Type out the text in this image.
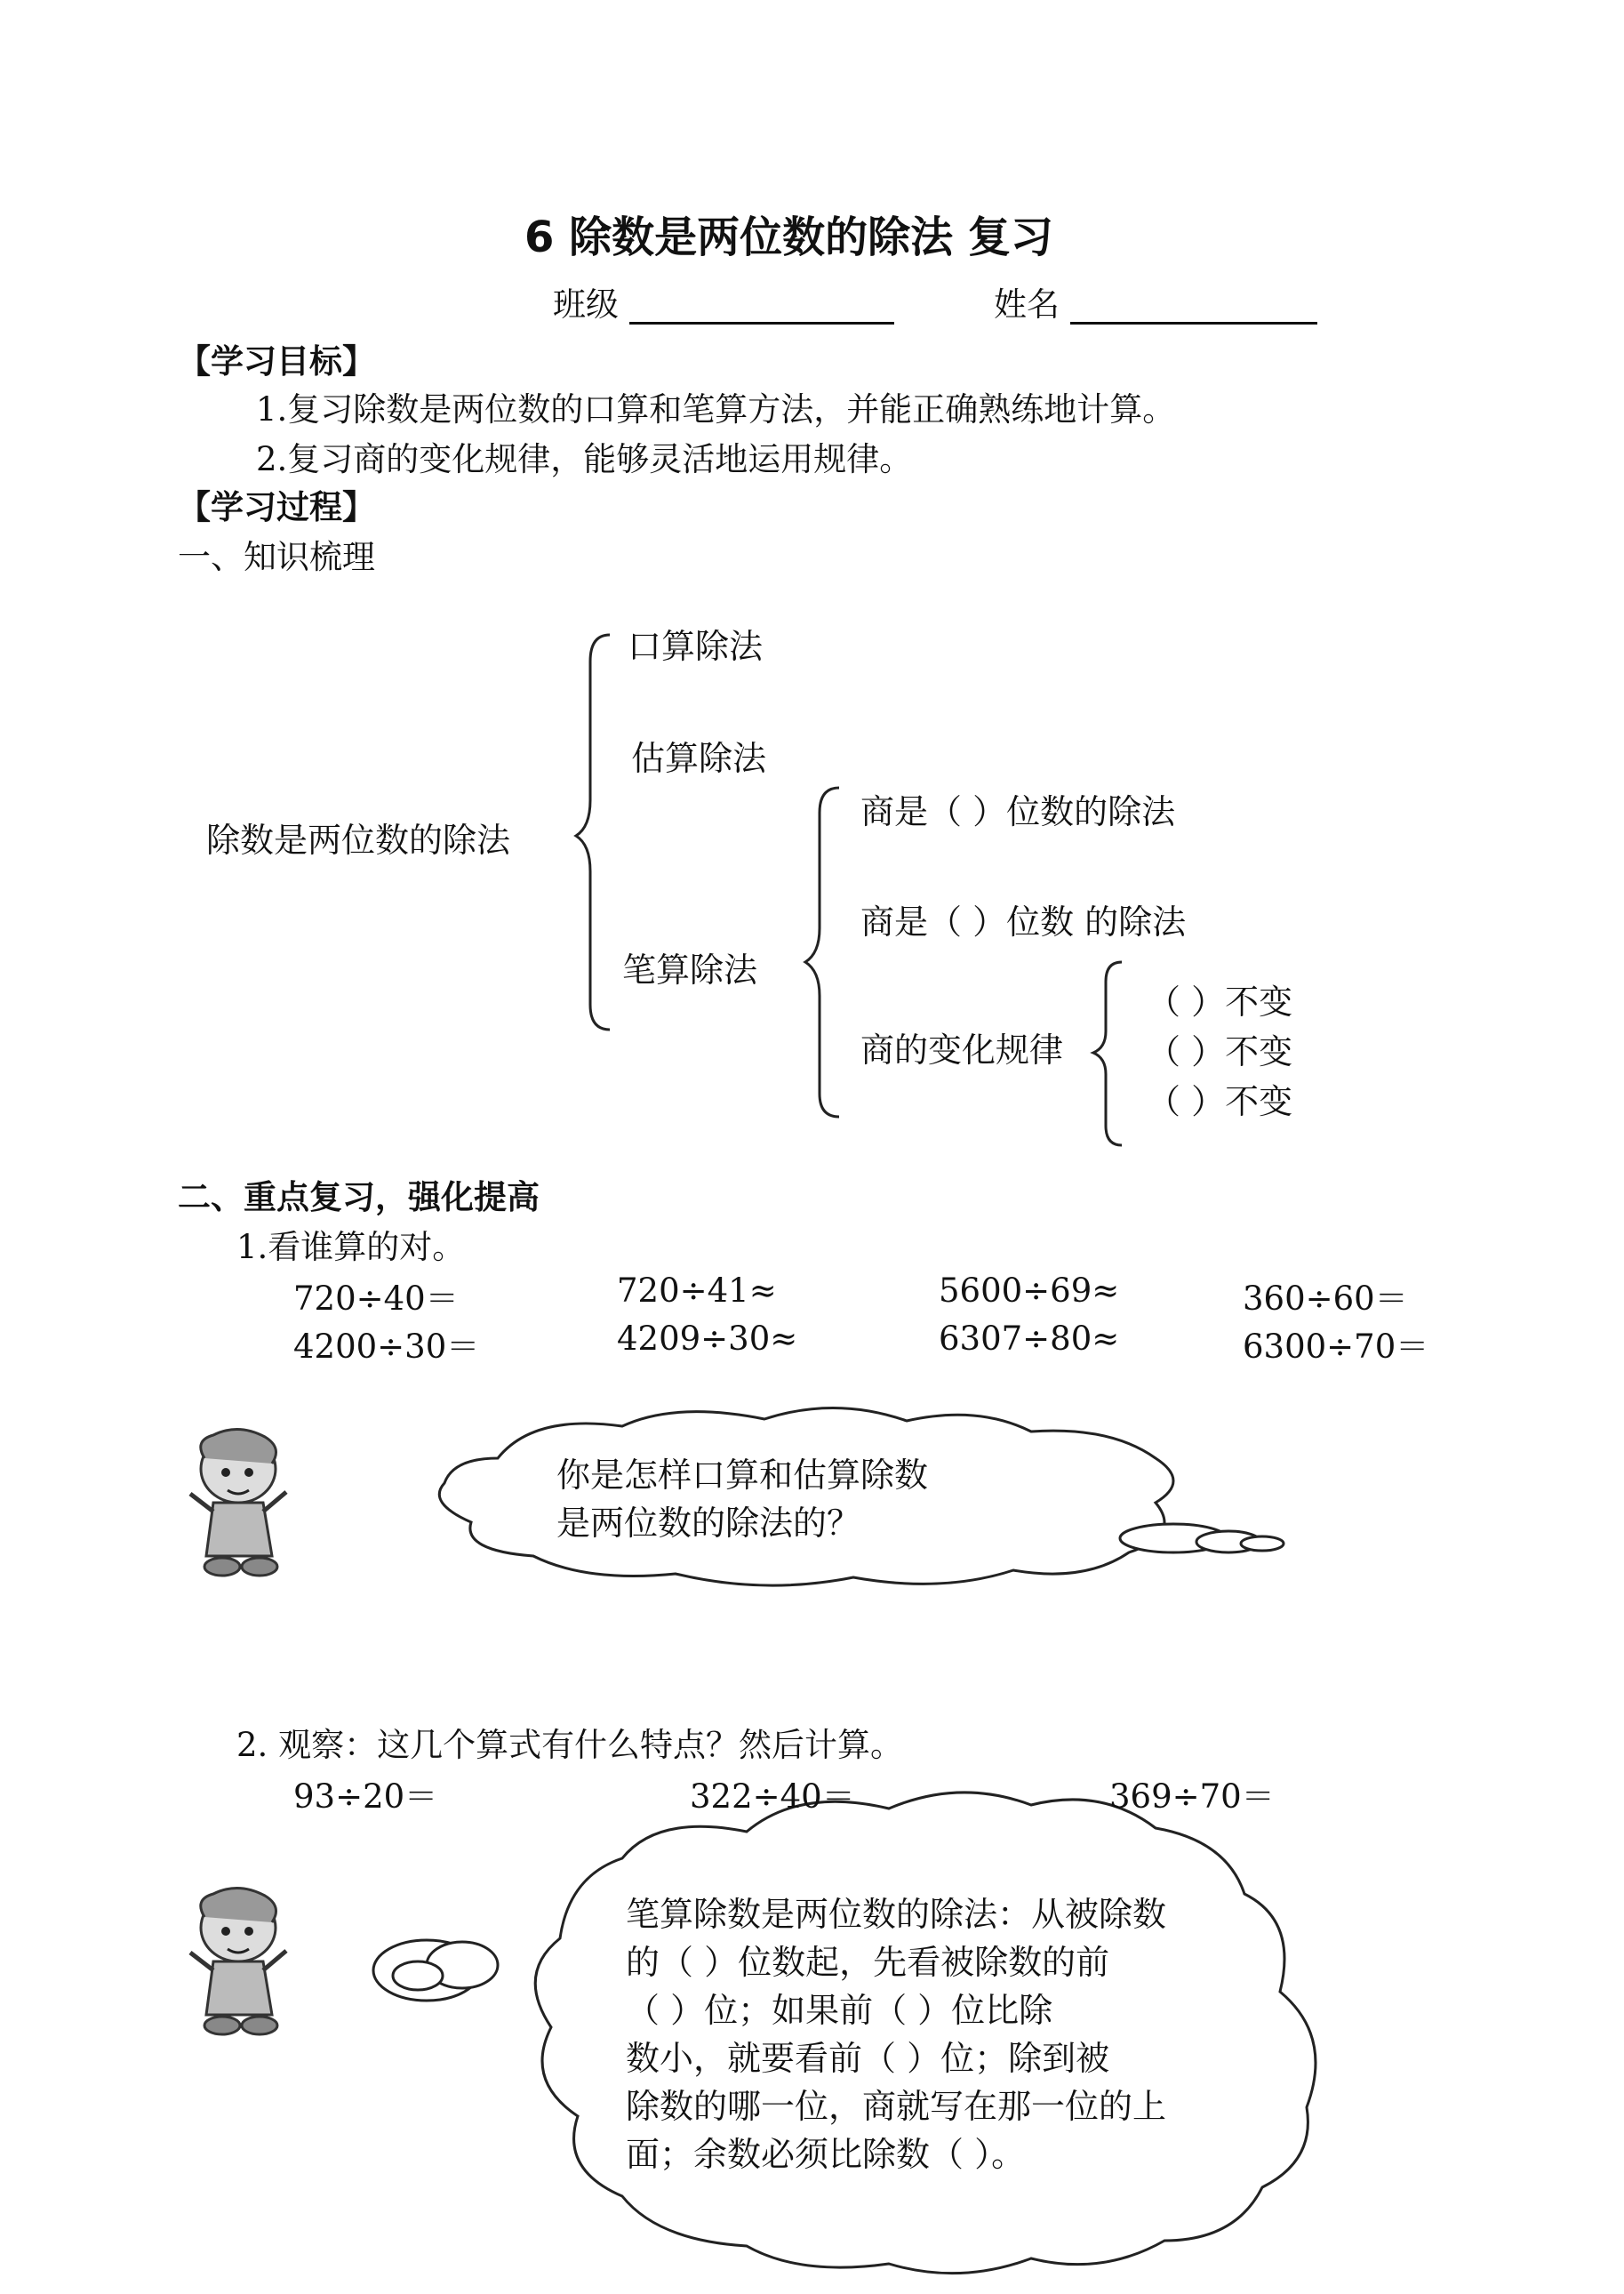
6 除数是两位数的除法 复习
班级	姓名
【学习目标】
1.复习除数是两位数的口算和笔算方法，并能正确熟练地计算。
2.复习商的变化规律，能够灵活地运用规律。
【学习过程】
一、知识梳理
除数是两位数的除法
口算除法
估算除法
笔算除法
商是（ ）位数的除法
商是（ ）位数 的除法
商的变化规律
（ ）不变
（ ）不变
（ ）不变
二、重点复习，强化提高
1.看谁算的对。
720÷40＝	720÷41≈	5600÷69≈	360÷60＝
4200÷30＝	4209÷30≈	6307÷80≈	6300÷70＝
你是怎样口算和估算除数
是两位数的除法的？
2. 观察：这几个算式有什么特点？然后计算。
93÷20＝	322÷40＝	369÷70＝
笔算除数是两位数的除法：从被除数
的（ ）位数起，先看被除数的前
（ ）位；如果前（ ）位比除
数小，就要看前（ ）位；除到被
除数的哪一位，商就写在那一位的上
面；余数必须比除数（ ）。
